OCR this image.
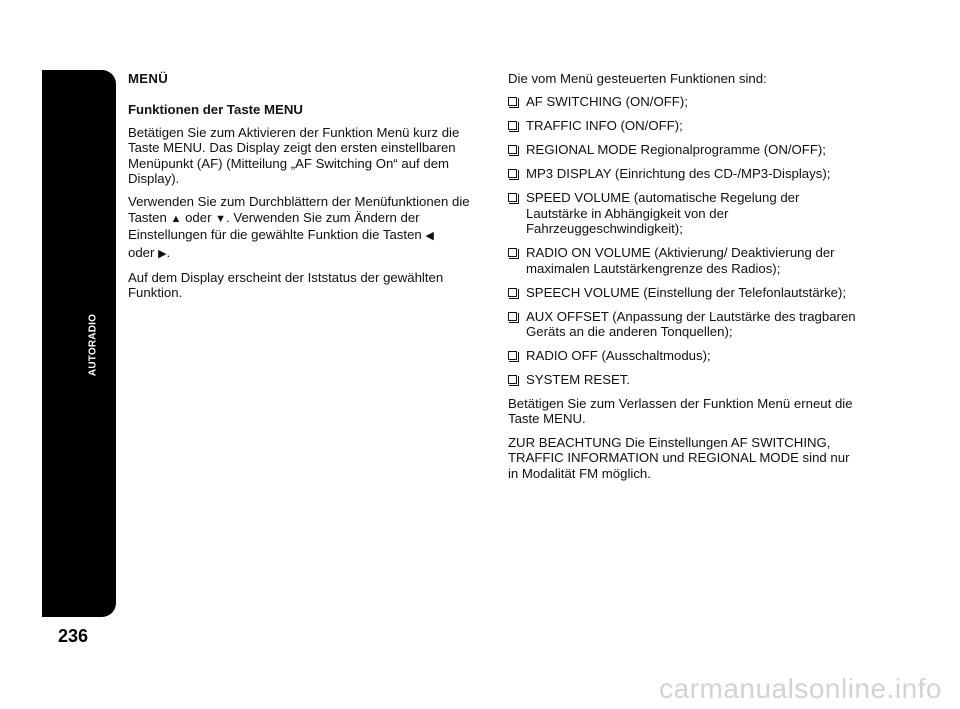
AUTORADIO
236
MENÜ
Funktionen der Taste MENU

Betätigen Sie zum Aktivieren der Funktion Menü kurz die Taste MENU. Das Display zeigt den ersten einstellbaren Menüpunkt (AF) (Mitteilung „AF Switching On“ auf dem Display).

Verwenden Sie zum Durchblättern der Menüfunktionen die Tasten ▲ oder ▼. Verwenden Sie zum Ändern der Einstellungen für die gewählte Funktion die Tasten ◀
oder ▶.

Auf dem Display erscheint der Iststatus der gewählten Funktion.

Die vom Menü gesteuerten Funktionen sind:

AF SWITCHING (ON/OFF);
TRAFFIC INFO (ON/OFF);
REGIONAL MODE Regionalprogramme (ON/OFF);
MP3 DISPLAY (Einrichtung des CD-/MP3-Displays);
SPEED VOLUME (automatische Regelung der Lautstärke in Abhängigkeit von der Fahrzeuggeschwindigkeit);
RADIO ON VOLUME (Aktivierung/ Deaktivierung der maximalen Lautstärkengrenze des Radios);
SPEECH VOLUME (Einstellung der Telefonlautstärke);
AUX OFFSET (Anpassung der Lautstärke des tragbaren Geräts an die anderen Tonquellen);
RADIO OFF (Ausschaltmodus);
SYSTEM RESET.

Betätigen Sie zum Verlassen der Funktion Menü erneut die Taste MENU.

ZUR BEACHTUNG Die Einstellungen AF SWITCHING, TRAFFIC INFORMATION und REGIONAL MODE sind nur in Modalität FM möglich.

carmanualsonline.info
